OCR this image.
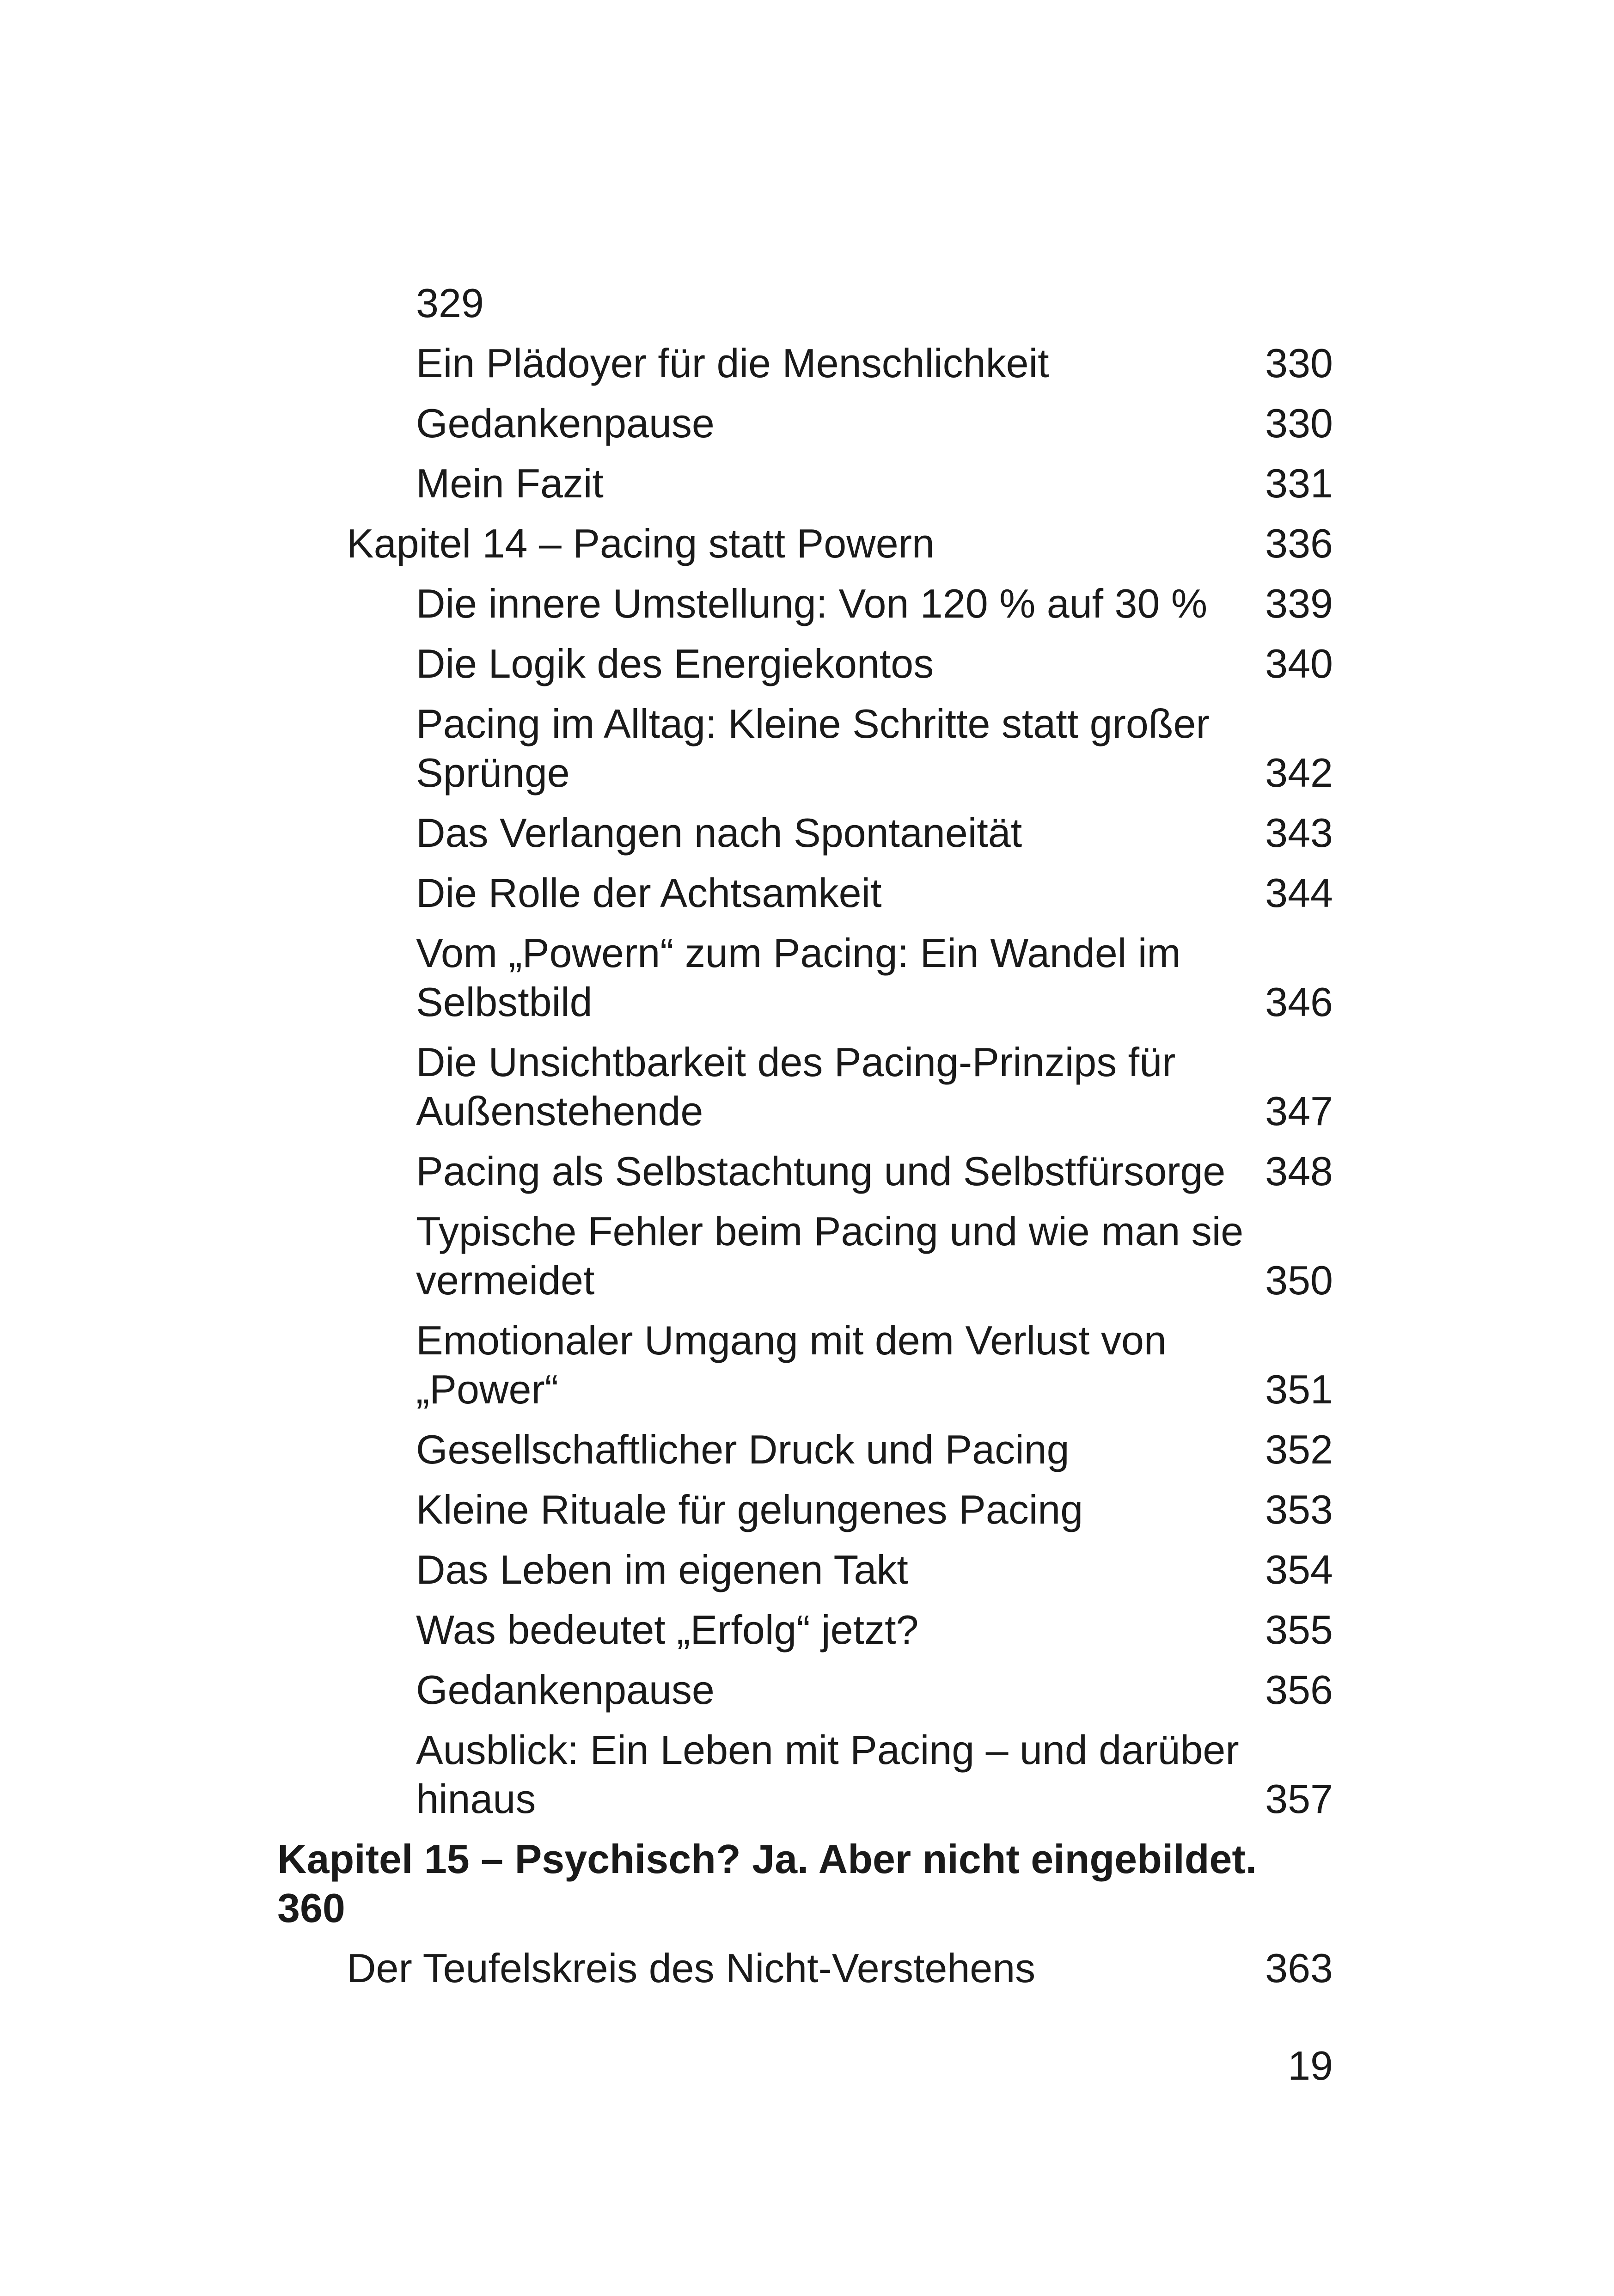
329
Ein Plädoyer für die Menschlichkeit	330
Gedankenpause	330
Mein Fazit	331
Kapitel 14 – Pacing statt Powern	336
Die innere Umstellung: Von 120 % auf 30 %	339
Die Logik des Energiekontos	340
Pacing im Alltag: Kleine Schritte statt großer
Sprünge	342
Das Verlangen nach Spontaneität	343
Die Rolle der Achtsamkeit	344
Vom „Powern“ zum Pacing: Ein Wandel im
Selbstbild	346
Die Unsichtbarkeit des Pacing-Prinzips für
Außenstehende	347
Pacing als Selbstachtung und Selbstfürsorge 348
Typische Fehler beim Pacing und wie man sie
vermeidet	350
Emotionaler Umgang mit dem Verlust von
„Power“	351
Gesellschaftlicher Druck und Pacing	352
Kleine Rituale für gelungenes Pacing	353
Das Leben im eigenen Takt	354
Was bedeutet „Erfolg“ jetzt?	355
Gedankenpause	356
Ausblick: Ein Leben mit Pacing – und darüber
hinaus	357
Kapitel 15 – Psychisch? Ja. Aber nicht eingebildet.
360
Der Teufelskreis des Nicht-Verstehens	363
19
